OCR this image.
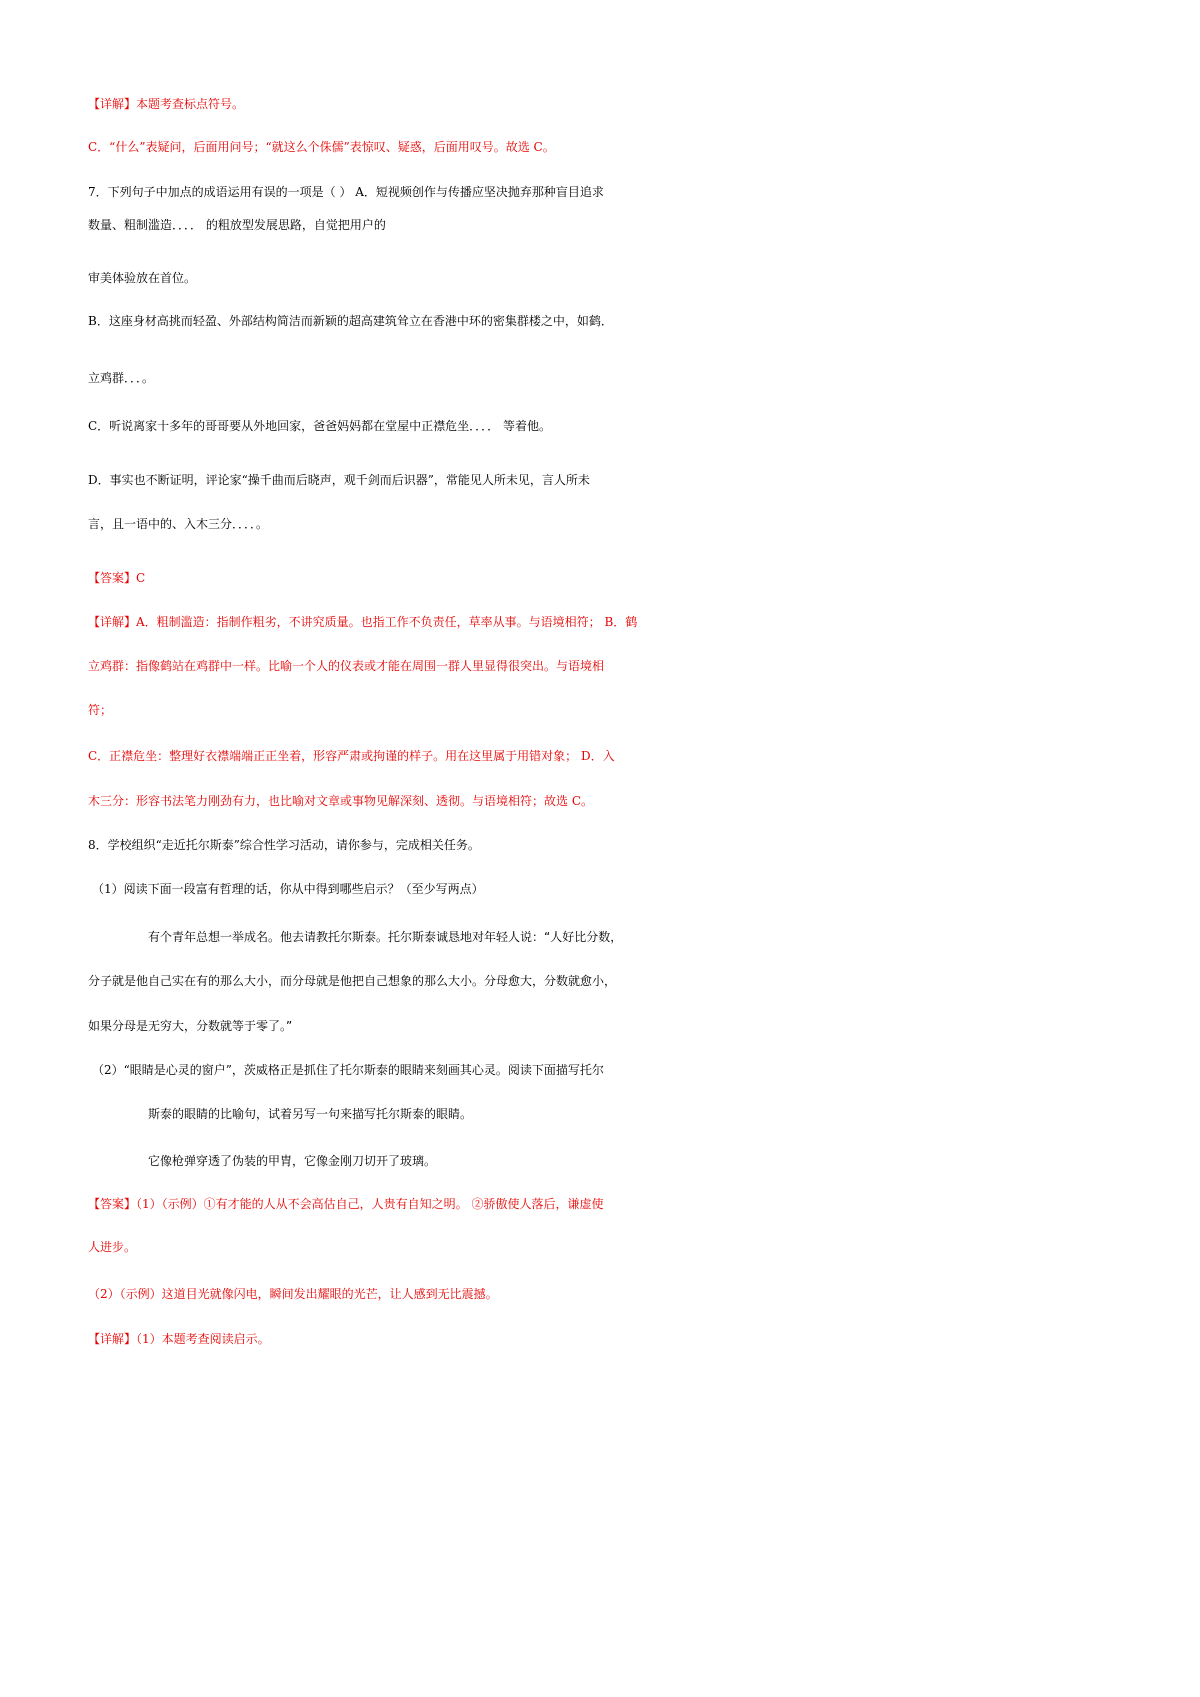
【详解】本题考查标点符号。
C．“什么”表疑问，后面用问号；“就这么个侏儒”表惊叹、疑惑，后面用叹号。故选 C。
7．下列句子中加点的成语运用有误的一项是（ ） A．短视频创作与传播应坚决抛弃那种盲目追求
数量、粗制滥造．．．． 的粗放型发展思路，自觉把用户的
审美体验放在首位。
B．这座身材高挑而轻盈、外部结构简洁而新颖的超高建筑耸立在香港中环的密集群楼之中，如鹤．
立鸡群．．．。
C．听说离家十多年的哥哥要从外地回家，爸爸妈妈都在堂屋中正襟危坐．．．． 等着他。
D．事实也不断证明，评论家“操千曲而后晓声，观千剑而后识器”，常能见人所未见，言人所未
言，且一语中的、入木三分．．．．。
【答案】C
【详解】A．粗制滥造：指制作粗劣，不讲究质量。也指工作不负责任，草率从事。与语境相符； B．鹤
立鸡群：指像鹤站在鸡群中一样。比喻一个人的仪表或才能在周围一群人里显得很突出。与语境相
符；
C．正襟危坐：整理好衣襟端端正正坐着，形容严肃或拘谨的样子。用在这里属于用错对象； D．入
木三分：形容书法笔力刚劲有力，也比喻对文章或事物见解深刻、透彻。与语境相符；故选 C。
8．学校组织“走近托尔斯泰”综合性学习活动，请你参与，完成相关任务。
（1）阅读下面一段富有哲理的话，你从中得到哪些启示？（至少写两点）
有个青年总想一举成名。他去请教托尔斯泰。托尔斯泰诚恳地对年轻人说：“人好比分数，
分子就是他自己实在有的那么大小，而分母就是他把自己想象的那么大小。分母愈大，分数就愈小，
如果分母是无穷大，分数就等于零了。”
（2）“眼睛是心灵的窗户”，茨威格正是抓住了托尔斯泰的眼睛来刻画其心灵。阅读下面描写托尔
斯泰的眼睛的比喻句，试着另写一句来描写托尔斯泰的眼睛。
它像枪弹穿透了伪装的甲胄，它像金刚刀切开了玻璃。
【答案】（1）（示例）①有才能的人从不会高估自己，人贵有自知之明。 ②骄傲使人落后，谦虚使
人进步。
（2）（示例）这道目光就像闪电，瞬间发出耀眼的光芒，让人感到无比震撼。
【详解】（1）本题考查阅读启示。
